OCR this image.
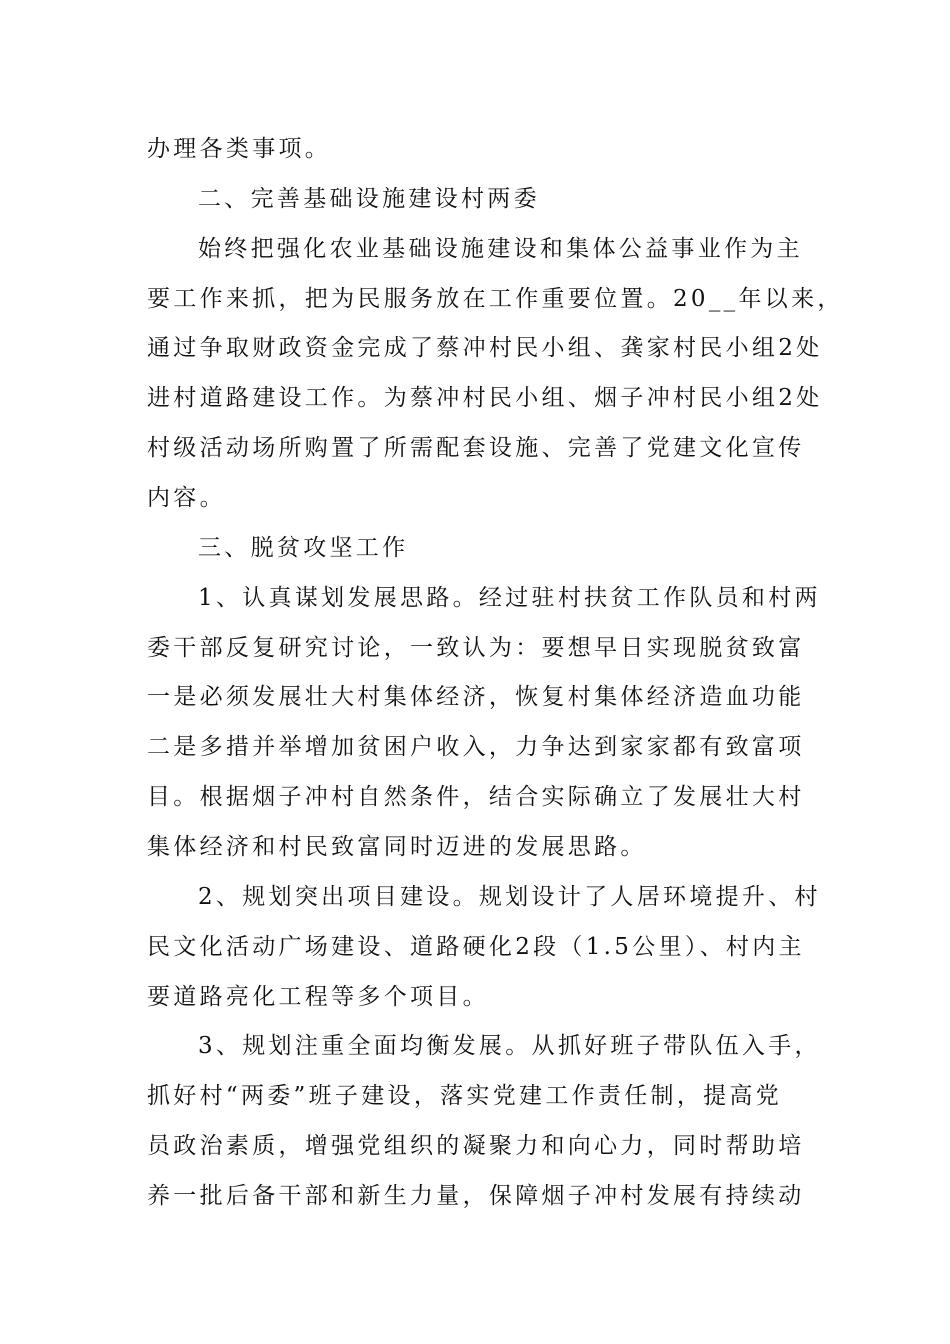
办理各类事项。
二、完善基础设施建设村两委
始终把强化农业基础设施建设和集体公益事业作为主
要工作来抓，把为民服务放在工作重要位置。20__年以来，
通过争取财政资金完成了蔡冲村民小组、龚家村民小组2处
进村道路建设工作。为蔡冲村民小组、烟子冲村民小组2处
村级活动场所购置了所需配套设施、完善了党建文化宣传
内容。
三、脱贫攻坚工作
1、认真谋划发展思路。经过驻村扶贫工作队员和村两
委干部反复研究讨论，一致认为：要想早日实现脱贫致富
一是必须发展壮大村集体经济，恢复村集体经济造血功能
二是多措并举增加贫困户收入，力争达到家家都有致富项
目。根据烟子冲村自然条件，结合实际确立了发展壮大村
集体经济和村民致富同时迈进的发展思路。
2、规划突出项目建设。规划设计了人居环境提升、村
民文化活动广场建设、道路硬化2段（1.5公里）、村内主
要道路亮化工程等多个项目。
3、规划注重全面均衡发展。从抓好班子带队伍入手，
抓好村“两委”班子建设，落实党建工作责任制，提高党
员政治素质，增强党组织的凝聚力和向心力，同时帮助培
养一批后备干部和新生力量，保障烟子冲村发展有持续动
